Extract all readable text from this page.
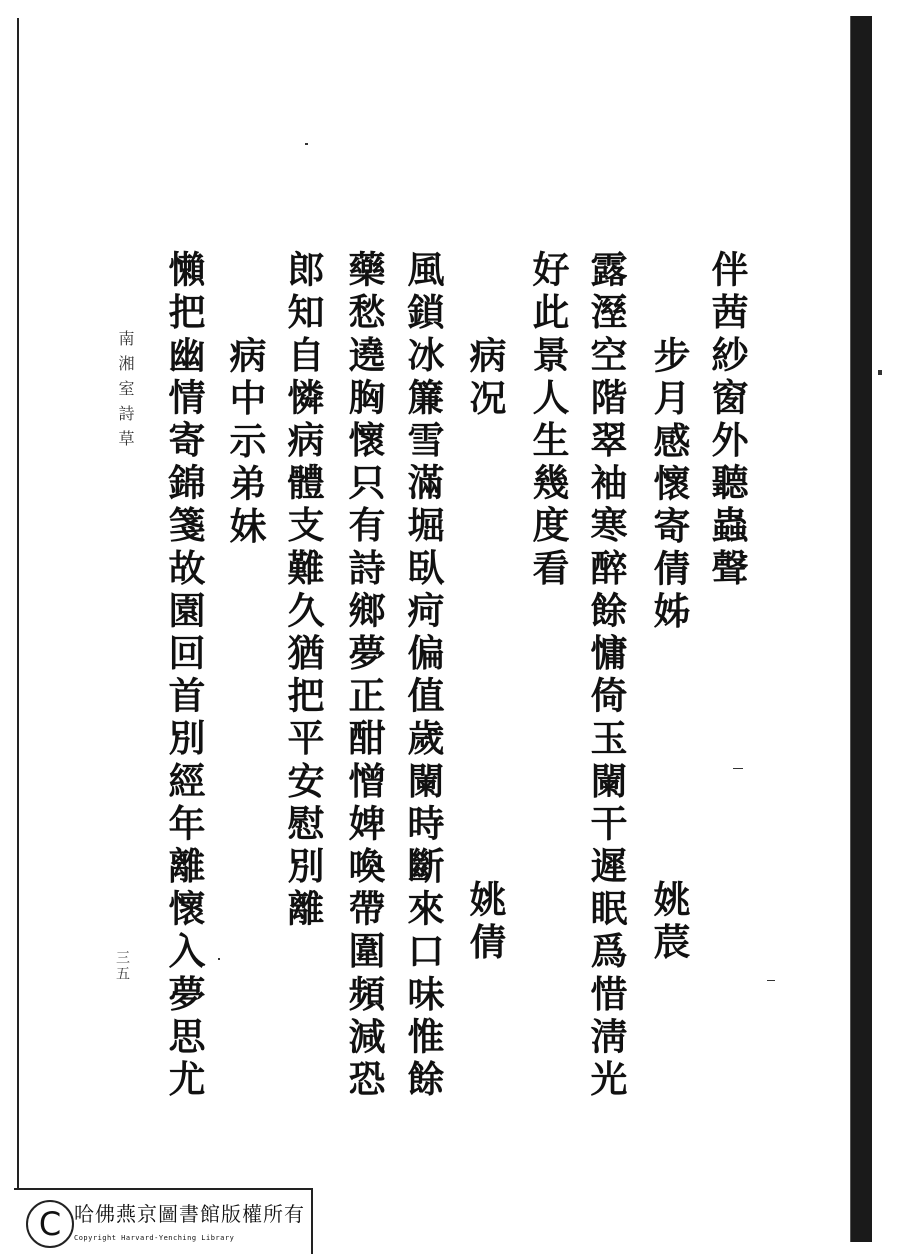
伴茜紗窗外聽蟲聲
步月感懷寄倩姊
姚莀
露溼空階翠袖寒醉餘慵倚玉闌干遲眠爲惜淸光
好此景人生幾度看
病况
姚倩
風鎖冰簾雪滿堀臥疴偏值歲闌時斷來口味惟餘
藥愁遶胸懷只有詩鄉夢正酣憎婢喚帶圍頻減恐
郎知自憐病體支難久猶把平安慰別離
病中示弟妹
懶把幽情寄錦箋故園回首別經年離懷入夢思尤
南湘室詩草
三五
C 哈佛燕京圖書館版權所有
Copyright Harvard-Yenching Library
